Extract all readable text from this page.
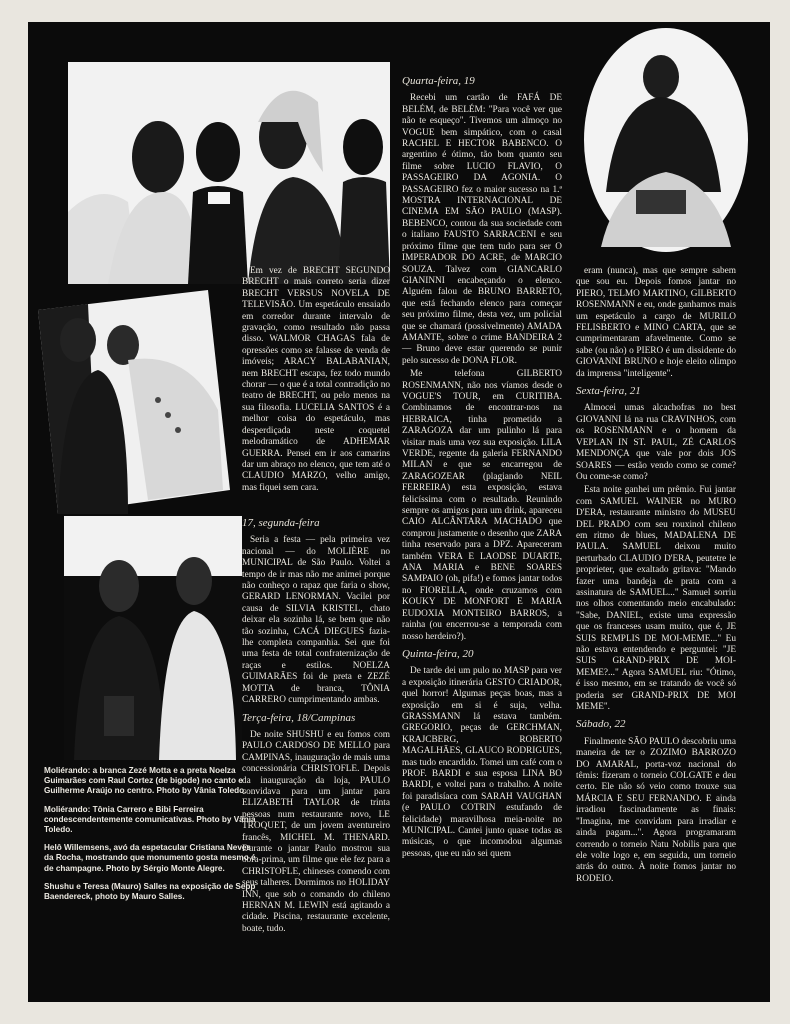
Em vez de BRECHT SEGUNDO BRECHT o mais correto seria dizer BRECHT VERSUS NOVELA DE TELEVISÃO. Um espetáculo ensaiado em corredor durante intervalo de gravação, como resultado não passa disso. WALMOR CHAGAS fala de opressões como se falasse de venda de imóveis; ARACY BALABANIAN, nem BRECHT escapa, fez todo mundo chorar — o que é a total contradição no teatro de BRECHT, ou pelo menos na sua filosofia. LUCELIA SANTOS é a melhor coisa do espetáculo, mas desperdiçada neste coquetel melodramático de ADHEMAR GUERRA. Pensei em ir aos camarins dar um abraço no elenco, que tem até o CLAUDIO MARZO, velho amigo, mas fiquei sem cara.

17, segunda-feira

Seria a festa — pela primeira vez nacional — do MOLIÈRE no MUNICIPAL de São Paulo. Voltei a tempo de ir mas não me animei porque não conheço o rapaz que faria o show, GERARD LENORMAN. Vacilei por causa de SILVIA KRISTEL, chato deixar ela sozinha lá, se bem que não tão sozinha, CACÁ DIEGUES fazia-lhe completa companhia. Sei que foi uma festa de total confraternização de raças e estilos. NOELZA GUIMARÃES foi de preta e ZEZÉ MOTTA de branca, TÔNIA CARRERO cumprimentando ambas.

Terça-feira, 18/Campinas

De noite SHUSHU e eu fomos com PAULO CARDOSO DE MELLO para CAMPINAS, inauguração de mais uma concessionária CHRISTOFLE. Depois da inauguração da loja, PAULO convidava para um jantar para ELIZABETH TAYLOR de trinta pessoas num restaurante novo, LE TROQUET, de um jovem aventureiro francês, MICHEL M. THENARD. Durante o jantar Paulo mostrou sua obra-prima, um filme que ele fez para a CHRISTOFLE, chineses comendo com seus talheres. Dormimos no HOLIDAY INN, que sob o comando do chileno HERNAN M. LEWIN está agitando a cidade. Piscina, restaurante excelente, boate, tudo.

Quarta-feira, 19

Recebi um cartão de FAFÁ DE BELÉM, de BELÉM: "Para você ver que não te esqueço". Tivemos um almoço no VOGUE bem simpático, com o casal RACHEL E HECTOR BABENCO. O argentino é ótimo, tão bom quanto seu filme sobre LUCIO FLAVIO, O PASSAGEIRO DA AGONIA. O PASSAGEIRO fez o maior sucesso na 1.ª MOSTRA INTERNACIONAL DE CINEMA EM SÃO PAULO (MASP). BEBENCO, contou da sua sociedade com o italiano FAUSTO SARRACENI e seu próximo filme que tem tudo para ser O IMPERADOR DO ACRE, de MARCIO SOUZA. Talvez com GIANCARLO GIANINNI encabeçando o elenco. Alguém falou de BRUNO BARRETO, que está fechando elenco para começar seu próximo filme, desta vez, um policial que se chamará (possivelmente) AMADA AMANTE, sobre o crime BANDEIRA 2 — Bruno deve estar querendo se punir pelo sucesso de DONA FLOR.

Me telefona GILBERTO ROSENMANN, não nos víamos desde o VOGUE'S TOUR, em CURITIBA. Combinamos de encontrar-nos na HEBRAICA, tinha prometido a ZARAGOZA dar um pulinho lá para visitar mais uma vez sua exposição. LILA VERDE, regente da galeria FERNANDO MILAN e que se encarregou de ZARAGOZEAR (plagiando NEIL FERREIRA) esta exposição, estava felicíssima com o resultado. Reunindo sempre os amigos para um drink, apareceu CAIO ALCÂNTARA MACHADO que comprou justamente o desenho que ZARA tinha reservado para a DPZ. Apareceram também VERA E LAODSE DUARTE, ANA MARIA e BENE SOARES SAMPAIO (oh, pifa!) e fomos jantar todos no FIORELLA, onde cruzamos com KOUKY DE MONFORT E MARIA EUDOXIA MONTEIRO BARROS, a rainha (ou encerrou-se a temporada com nosso herdeiro?).

Quinta-feira, 20

De tarde dei um pulo no MASP para ver a exposição itinerária GESTO CRIADOR, quel horror! Algumas peças boas, mas a exposição em si é suja, velha. GRASSMANN lá estava também. GREGORIO, peças de GERCHMAN, KRAJCBERG, ROBERTO MAGALHÃES, GLAUCO RODRIGUES, mas tudo encardido. Tomei um café com o PROF. BARDI e sua esposa LINA BO BARDI, e voltei para o trabalho. A noite foi paradisíaca com SARAH VAUGHAN (e PAULO COTRIN estufando de felicidade) maravilhosa meia-noite no MUNICIPAL. Cantei junto quase todas as músicas, o que incomodou algumas pessoas, que eu não sei quem

eram (nunca), mas que sempre sabem que sou eu. Depois fomos jantar no PIERO, TELMO MARTINO, GILBERTO ROSENMANN e eu, onde ganhamos mais um espetáculo a cargo de MURILO FELISBERTO e MINO CARTA, que se cumprimentaram afavelmente. Como se sabe (ou não) o PIERO é um dissidente do GIOVANNI BRUNO e hoje eleito olimpo da imprensa "inteligente".

Sexta-feira, 21

Almocei umas alcachofras no best GIOVANNI lá na rua CRAVINHOS, com os ROSENMANN e o homem da VEPLAN IN ST. PAUL, ZÉ CARLOS MENDONÇA que vale por dois JOS SOARES — estão vendo como se come? Ou come-se como?

Esta noite ganhei um prêmio. Fui jantar com SAMUEL WAINER no MURO D'ERA, restaurante ministro do MUSEU DEL PRADO com seu rouxinol chileno em ritmo de blues, MADALENA DE PAULA. SAMUEL deixou muito perturbado CLAUDIO D'ERA, peutetre le proprieter, que exaltado gritava: "Mando fazer uma bandeja de prata com a assinatura de SAMUEL..." Samuel sorriu nos olhos comentando meio encabulado: "Sabe, DANIEL, existe uma expressão que os franceses usam muito, que é, JE SUIS REMPLIS DE MOI-MEME..." Eu não estava entendendo e perguntei: "JE SUIS GRAND-PRIX DE MOI-MEME?..." Agora SAMUEL riu: "Ótimo, é isso mesmo, em se tratando de você só poderia ser GRAND-PRIX DE MOI MEME".

Sábado, 22

Finalmente SÃO PAULO descobriu uma maneira de ter o ZOZIMO BARROZO DO AMARAL, porta-voz nacional do têmis: fizeram o torneio COLGATE e deu certo. Ele não só veio como trouxe sua MÁRCIA E SEU FERNANDO. E ainda irradiou fascinadamente as finais: "Imagina, me convidam para irradiar e ainda pagam...". Agora programaram correndo o torneio Natu Nobilis para que ele volte logo e, em seguida, um torneio atrás do outro. À noite fomos jantar no RODEIO.

Moliérando: a branca Zezé Motta e a preta Noelza Guimarães com Raul Cortez (de bigode) no canto e Guilherme Araújo no centro. Photo by Vânia Toledo.

Moliérando: Tônia Carrero e Bibi Ferreira condescendentemente comunicativas. Photo by Vânia Toledo.

Helô Willemsens, avó da espetacular Cristiana Neves da Rocha, mostrando que monumento gosta mesmo é de champagne. Photo by Sérgio Monte Alegre.

Shushu e Teresa (Mauro) Salles na exposição de Sepp Baendereck, photo by Mauro Salles.
